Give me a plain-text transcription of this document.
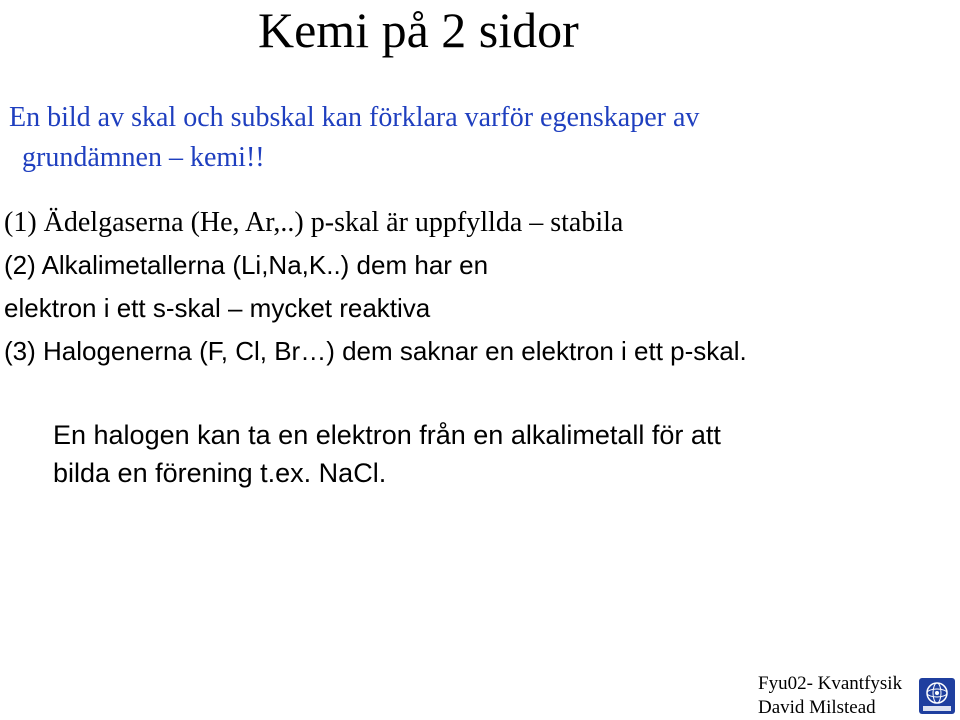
Kemi på 2 sidor
En bild av skal och subskal kan förklara varför egenskaper av
grundämnen – kemi!!
(1) Ädelgaserna (He, Ar,..) p-skal är uppfyllda – stabila
(2) Alkalimetallerna (Li,Na,K..) dem har en
elektron i ett s-skal – mycket reaktiva
(3) Halogenerna (F, Cl, Br…) dem saknar en elektron i ett p-skal.
En halogen kan ta en elektron från en alkalimetall för att
bilda en förening t.ex. NaCl.
Fyu02- Kvantfysik
David Milstead
